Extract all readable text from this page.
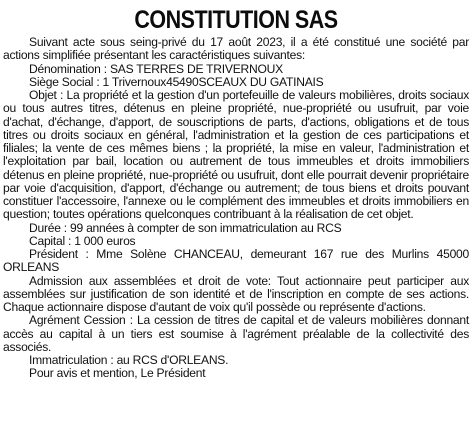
CONSTITUTION SAS

Suivant acte sous seing-privé du 17 août 2023, il a été constitué une société par actions simplifiée présentant les caractéristiques suivantes:

Dénomination : SAS TERRES DE TRIVERNOUX

Siège Social : 1 Trivernoux45490SCEAUX DU GATINAIS

Objet : La propriété et la gestion d'un portefeuille de valeurs mobilières, droits sociaux ou tous autres titres, détenus en pleine propriété, nue-propriété ou usufruit, par voie d'achat, d'échange, d'apport, de souscriptions de parts, d'actions, obligations et de tous titres ou droits sociaux en général, l'administration et la gestion de ces participations et filiales; la vente de ces mêmes biens ; la propriété, la mise en valeur, l'administration et l'exploitation par bail, location ou autrement de tous immeubles et droits immobiliers détenus en pleine propriété, nue-propriété ou usufruit, dont elle pourrait devenir propriétaire par voie d'acquisition, d'apport, d'échange ou autrement; de tous biens et droits pouvant constituer l'accessoire, l'annexe ou le complément des immeubles et droits immobiliers en question; toutes opérations quelconques contribuant à la réalisation de cet objet.

Durée : 99 années à compter de son immatriculation au RCS

Capital : 1 000 euros

Président : Mme Solène CHANCEAU, demeurant 167 rue des Murlins 45000 ORLEANS

Admission aux assemblées et droit de vote: Tout actionnaire peut participer aux assemblées sur justification de son identité et de l'inscription en compte de ses actions. Chaque actionnaire dispose d'autant de voix qu'il possède ou représente d'actions.

Agrément Cession : La cession de titres de capital et de valeurs mobilières donnant accès au capital à un tiers est soumise à l'agrément préalable de la collectivité des associés.

Immatriculation : au RCS d'ORLEANS.

Pour avis et mention, Le Président
